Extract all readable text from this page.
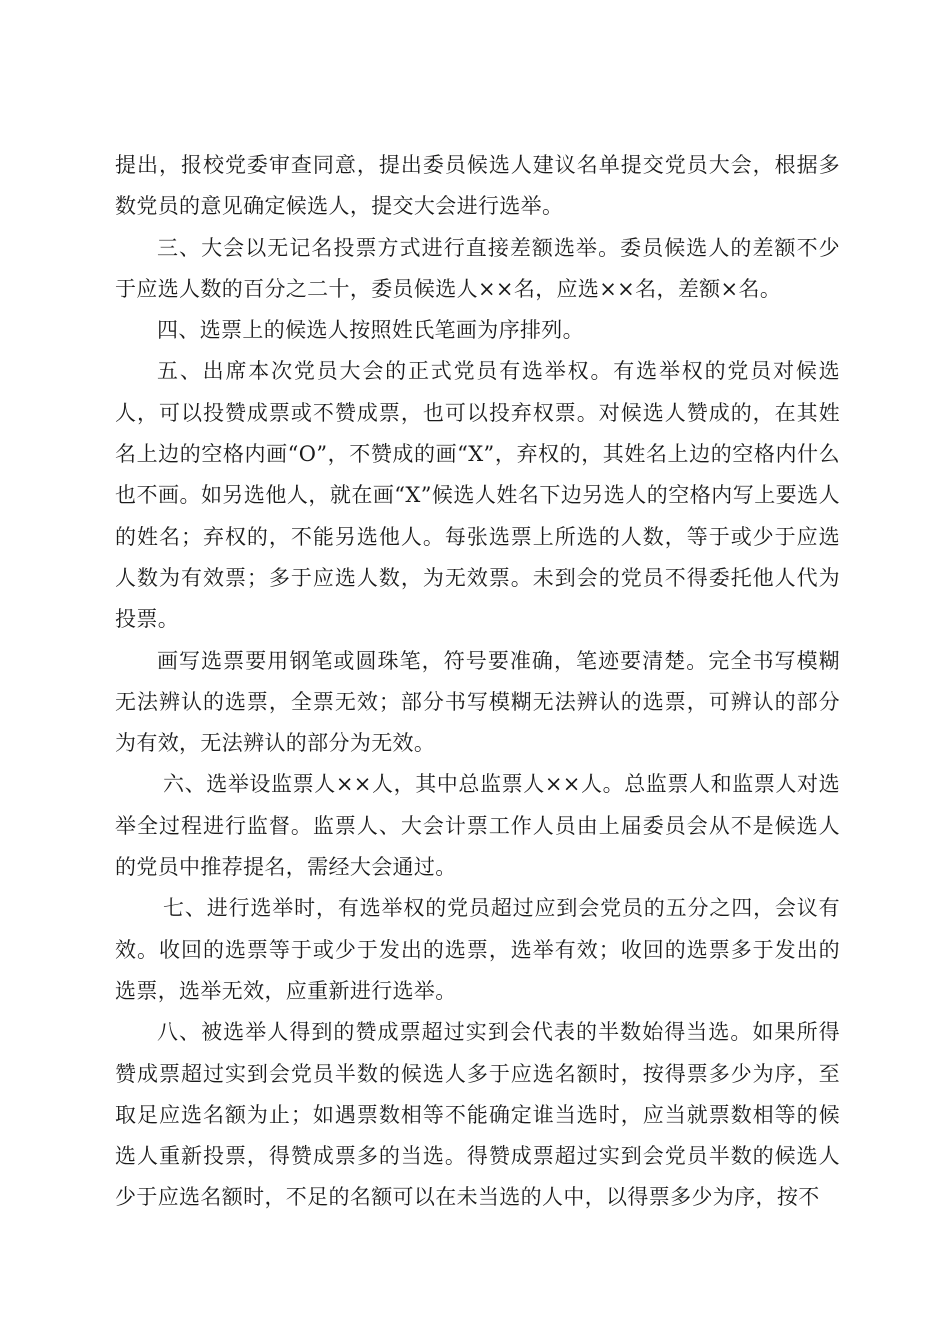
提出，报校党委审查同意，提出委员候选人建议名单提交党员大会，根据多数党员的意见确定候选人，提交大会进行选举。

三、大会以无记名投票方式进行直接差额选举。委员候选人的差额不少于应选人数的百分之二十，委员候选人××名，应选××名，差额×名。

四、选票上的候选人按照姓氏笔画为序排列。

五、出席本次党员大会的正式党员有选举权。有选举权的党员对候选人，可以投赞成票或不赞成票，也可以投弃权票。对候选人赞成的，在其姓名上边的空格内画“O”，不赞成的画“X”，弃权的，其姓名上边的空格内什么也不画。如另选他人，就在画“X”候选人姓名下边另选人的空格内写上要选人的姓名；弃权的，不能另选他人。每张选票上所选的人数，等于或少于应选人数为有效票；多于应选人数，为无效票。未到会的党员不得委托他人代为投票。

画写选票要用钢笔或圆珠笔，符号要准确，笔迹要清楚。完全书写模糊无法辨认的选票，全票无效；部分书写模糊无法辨认的选票，可辨认的部分为有效，无法辨认的部分为无效。

六、选举设监票人××人，其中总监票人××人。总监票人和监票人对选举全过程进行监督。监票人、大会计票工作人员由上届委员会从不是候选人的党员中推荐提名，需经大会通过。

七、进行选举时，有选举权的党员超过应到会党员的五分之四，会议有效。收回的选票等于或少于发出的选票，选举有效；收回的选票多于发出的选票，选举无效，应重新进行选举。

八、被选举人得到的赞成票超过实到会代表的半数始得当选。如果所得赞成票超过实到会党员半数的候选人多于应选名额时，按得票多少为序，至取足应选名额为止；如遇票数相等不能确定谁当选时，应当就票数相等的候选人重新投票，得赞成票多的当选。得赞成票超过实到会党员半数的候选人少于应选名额时，不足的名额可以在未当选的人中，以得票多少为序，按不
